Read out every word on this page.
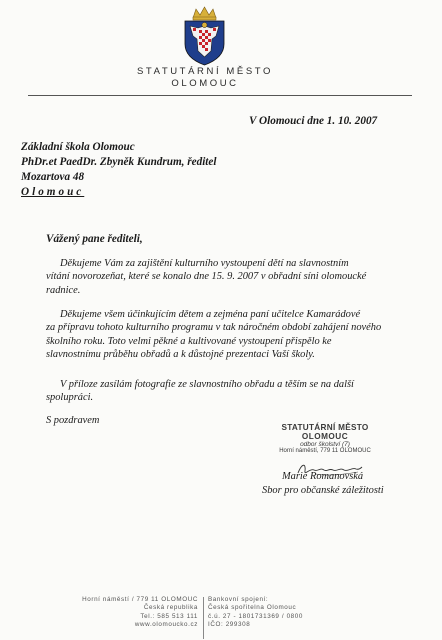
STATUTÁRNÍ MĚSTO
OLOMOUC
V Olomouci dne 1. 10. 2007
Základní škola Olomouc
PhDr.et PaedDr. Zbyněk Kundrum, ředitel
Mozartova 48
Olomouc
Vážený pane řediteli,
Děkujeme Vám za zajištění kulturního vystoupení dětí na slavnostním
vítání novorozeňat, které se konalo dne 15. 9. 2007 v obřadní síni olomoucké
radnice.
Děkujeme všem účinkujícím dětem a zejména paní učitelce Kamarádové
za přípravu tohoto kulturního programu v tak náročném období zahájení nového
školního roku. Toto velmi pěkné a kultivované vystoupení přispělo ke
slavnostnímu průběhu obřadů a k důstojné prezentaci Vaší školy.
V příloze zasílám fotografie ze slavnostního obřadu a těším se na další
spolupráci.
S pozdravem
STATUTÁRNÍ MĚSTO
OLOMOUC
odbor školství (7)
Horní náměstí, 779 11 OLOMOUC
Marie Romanovská
Sbor pro občanské záležitosti
Horní náměstí / 779 11 OLOMOUC
Česká republika
Tel.: 585 513 111
www.olomoucko.cz
Bankovní spojení:
Česká spořitelna Olomouc
č.ú. 27 - 1801731369 / 0800
IČO: 299308
